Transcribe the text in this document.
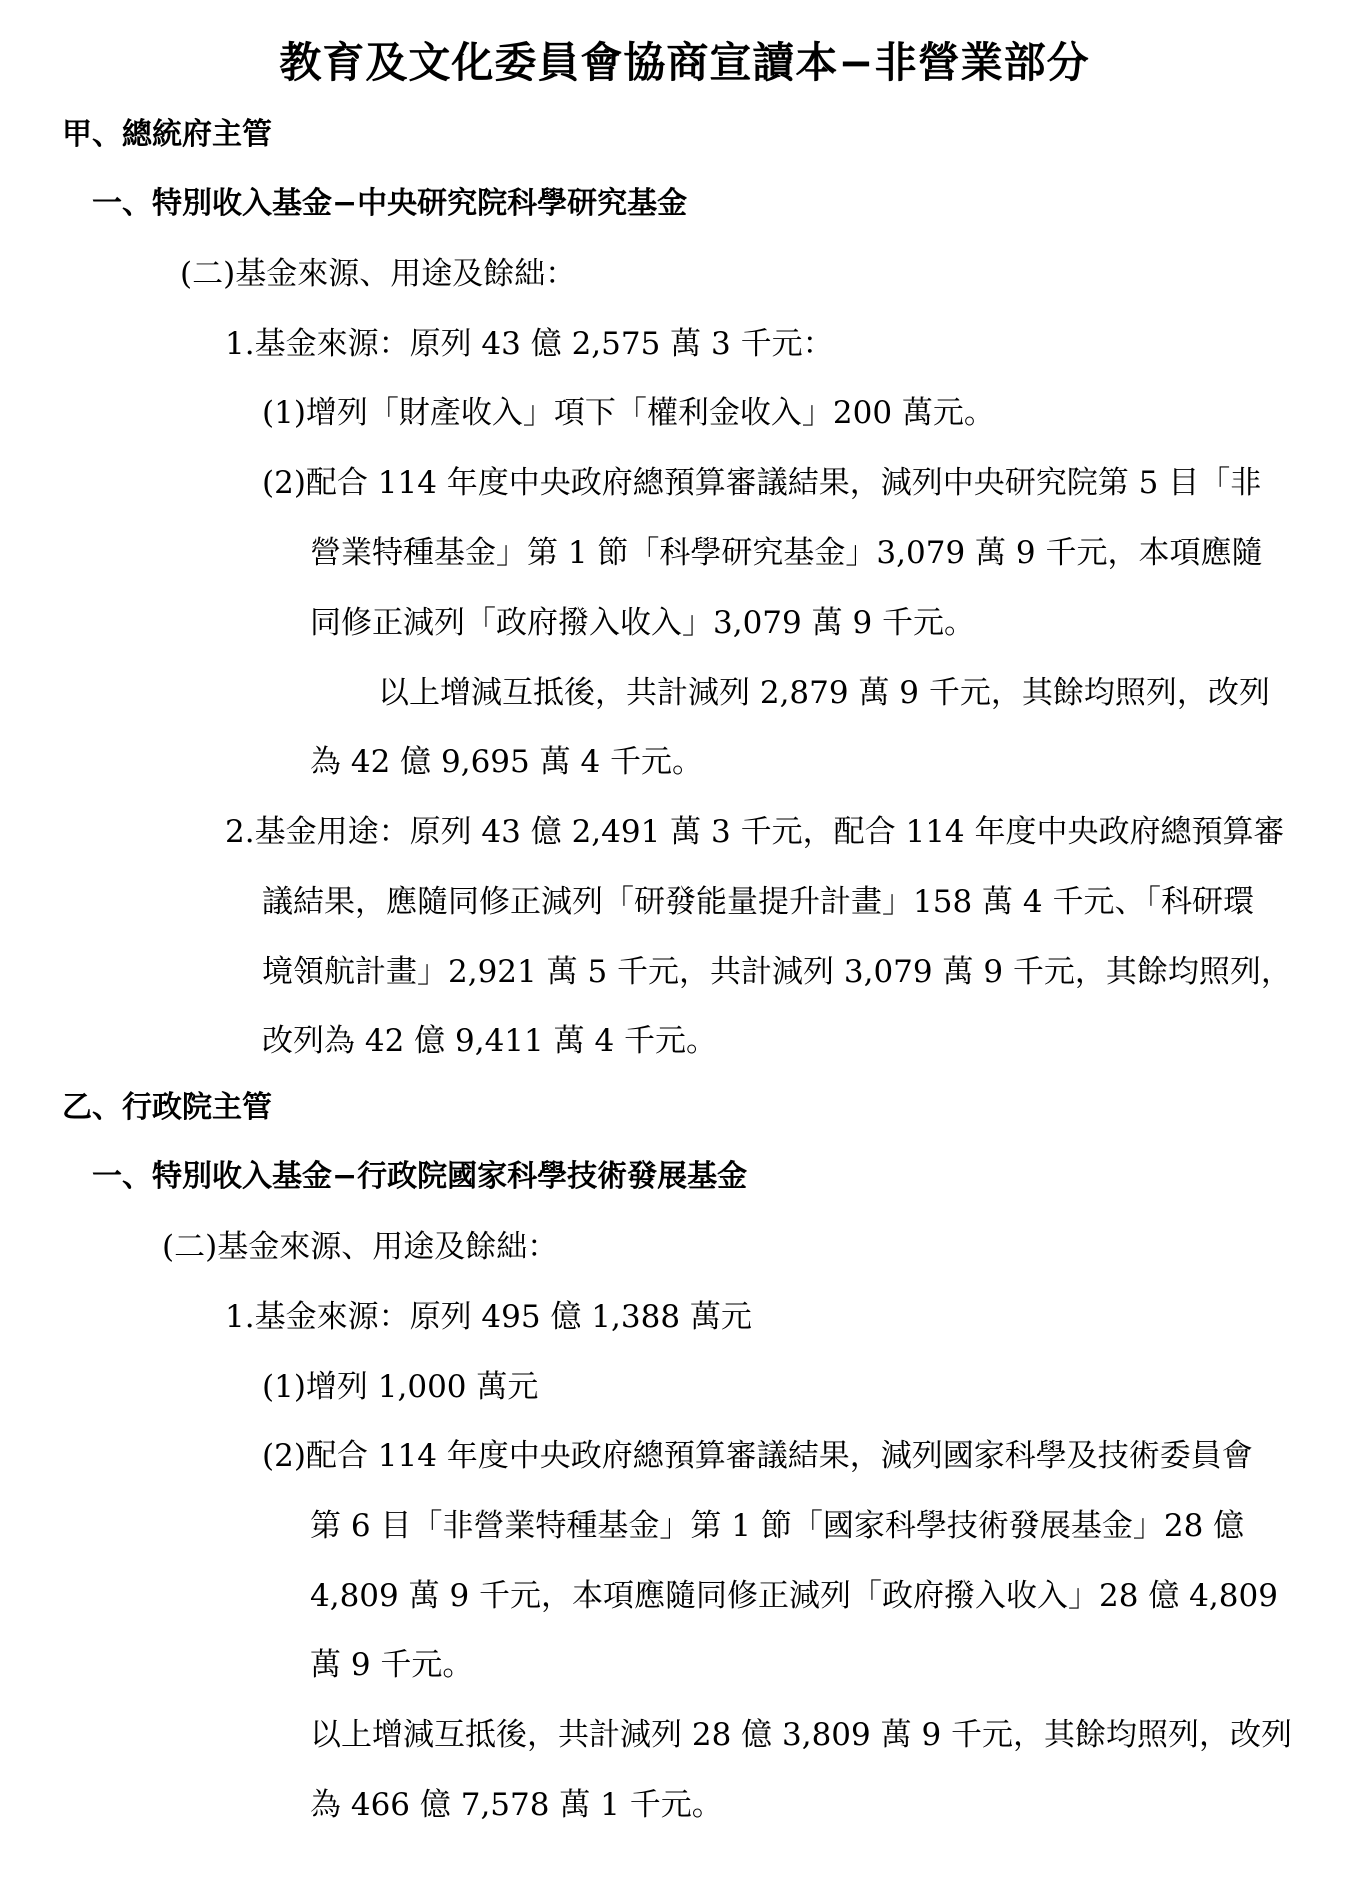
教育及文化委員會協商宣讀本−非營業部分
甲、總統府主管
一、特別收入基金−中央研究院科學研究基金
(二)基金來源、用途及餘絀：
1.基金來源：原列 43 億 2,575 萬 3 千元：
(1)增列「財產收入」項下「權利金收入」200 萬元。
(2)配合 114 年度中央政府總預算審議結果，減列中央研究院第 5 目「非
營業特種基金」第 1 節「科學研究基金」3,079 萬 9 千元，本項應隨
同修正減列「政府撥入收入」3,079 萬 9 千元。
以上增減互抵後，共計減列 2,879 萬 9 千元，其餘均照列，改列
為 42 億 9,695 萬 4 千元。
2.基金用途：原列 43 億 2,491 萬 3 千元，配合 114 年度中央政府總預算審
議結果，應隨同修正減列「研發能量提升計畫」158 萬 4 千元、「科研環
境領航計畫」2,921 萬 5 千元，共計減列 3,079 萬 9 千元，其餘均照列，
改列為 42 億 9,411 萬 4 千元。
乙、行政院主管
一、特別收入基金−行政院國家科學技術發展基金
(二)基金來源、用途及餘絀：
1.基金來源：原列 495 億 1,388 萬元
(1)增列 1,000 萬元
(2)配合 114 年度中央政府總預算審議結果，減列國家科學及技術委員會
第 6 目「非營業特種基金」第 1 節「國家科學技術發展基金」28 億
4,809 萬 9 千元，本項應隨同修正減列「政府撥入收入」28 億 4,809
萬 9 千元。
以上增減互抵後，共計減列 28 億 3,809 萬 9 千元，其餘均照列，改列
為 466 億 7,578 萬 1 千元。
